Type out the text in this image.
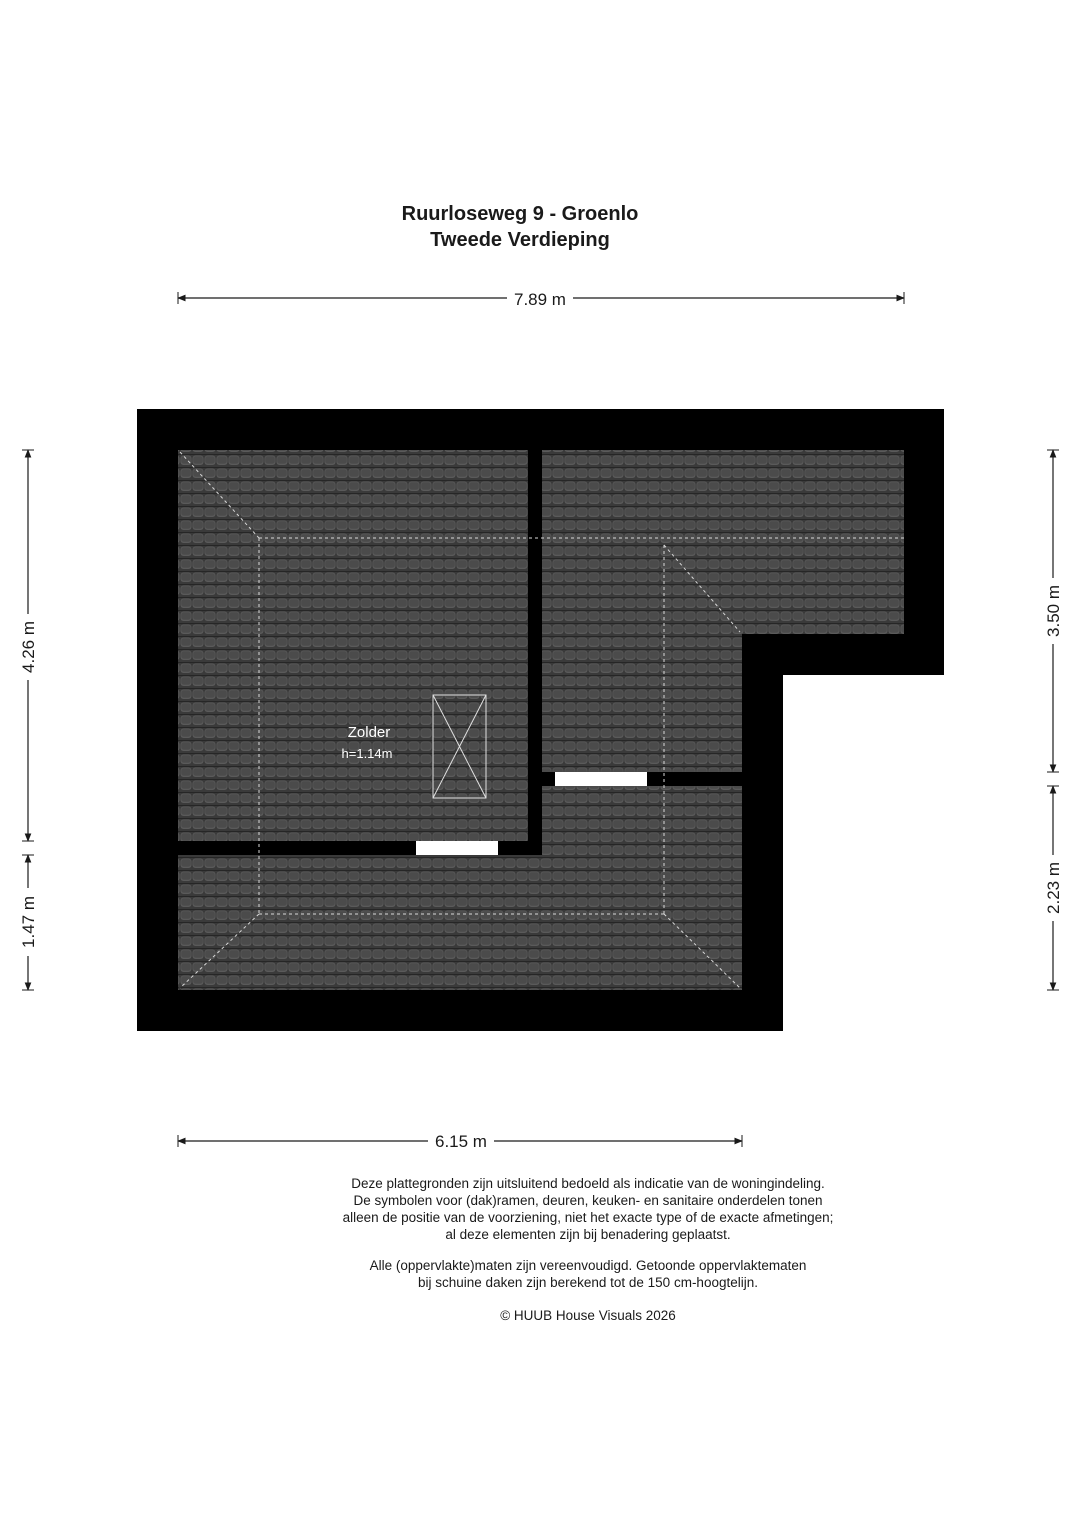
Ruurloseweg 9 - Groenlo
Tweede Verdieping
Zolder
h=1.14m
7.89 m
6.15 m
4.26 m
1.47 m
3.50 m
2.23 m
Deze plattegronden zijn uitsluitend bedoeld als indicatie van de woningindeling.
De symbolen voor (dak)ramen, deuren, keuken- en sanitaire onderdelen tonen
alleen de positie van de voorziening, niet het exacte type of de exacte afmetingen;
al deze elementen zijn bij benadering geplaatst.
Alle (oppervlakte)maten zijn vereenvoudigd. Getoonde oppervlaktematen
bij schuine daken zijn berekend tot de 150 cm-hoogtelijn.
© HUUB House Visuals 2026
